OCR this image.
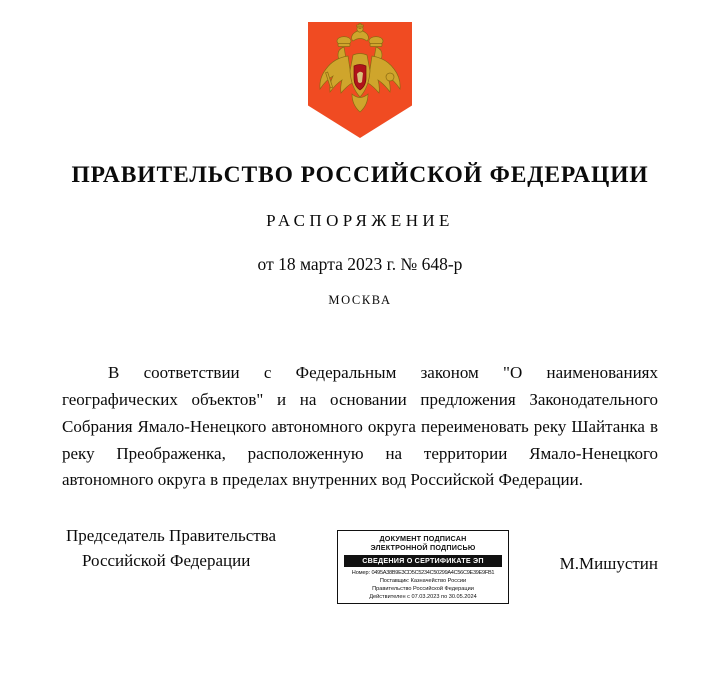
ПРАВИТЕЛЬСТВО РОССИЙСКОЙ ФЕДЕРАЦИИ
РАСПОРЯЖЕНИЕ
от 18 марта 2023 г. № 648-р
МОСКВА
В соответствии с Федеральным законом "О наименованиях географических объектов" и на основании предложения Законодательного Собрания Ямало-Ненецкого автономного округа переименовать реку Шайтанка в реку Преображенка, расположенную на территории Ямало-Ненецкого автономного округа в пределах внутренних вод Российской Федерации.
Председатель Правительства
Российской Федерации
ДОКУМЕНТ ПОДПИСАН
ЭЛЕКТРОННОЙ ПОДПИСЬЮ
СВЕДЕНИЯ О СЕРТИФИКАТЕ ЭП
Номер: 0495A38B9E3CD5C5234C50299A4C56C9E39E9FB1
Поставщик: Казначейство России
Правительство Российской Федерации
Действителен с 07.03.2023 по 30.05.2024
М.Мишустин
